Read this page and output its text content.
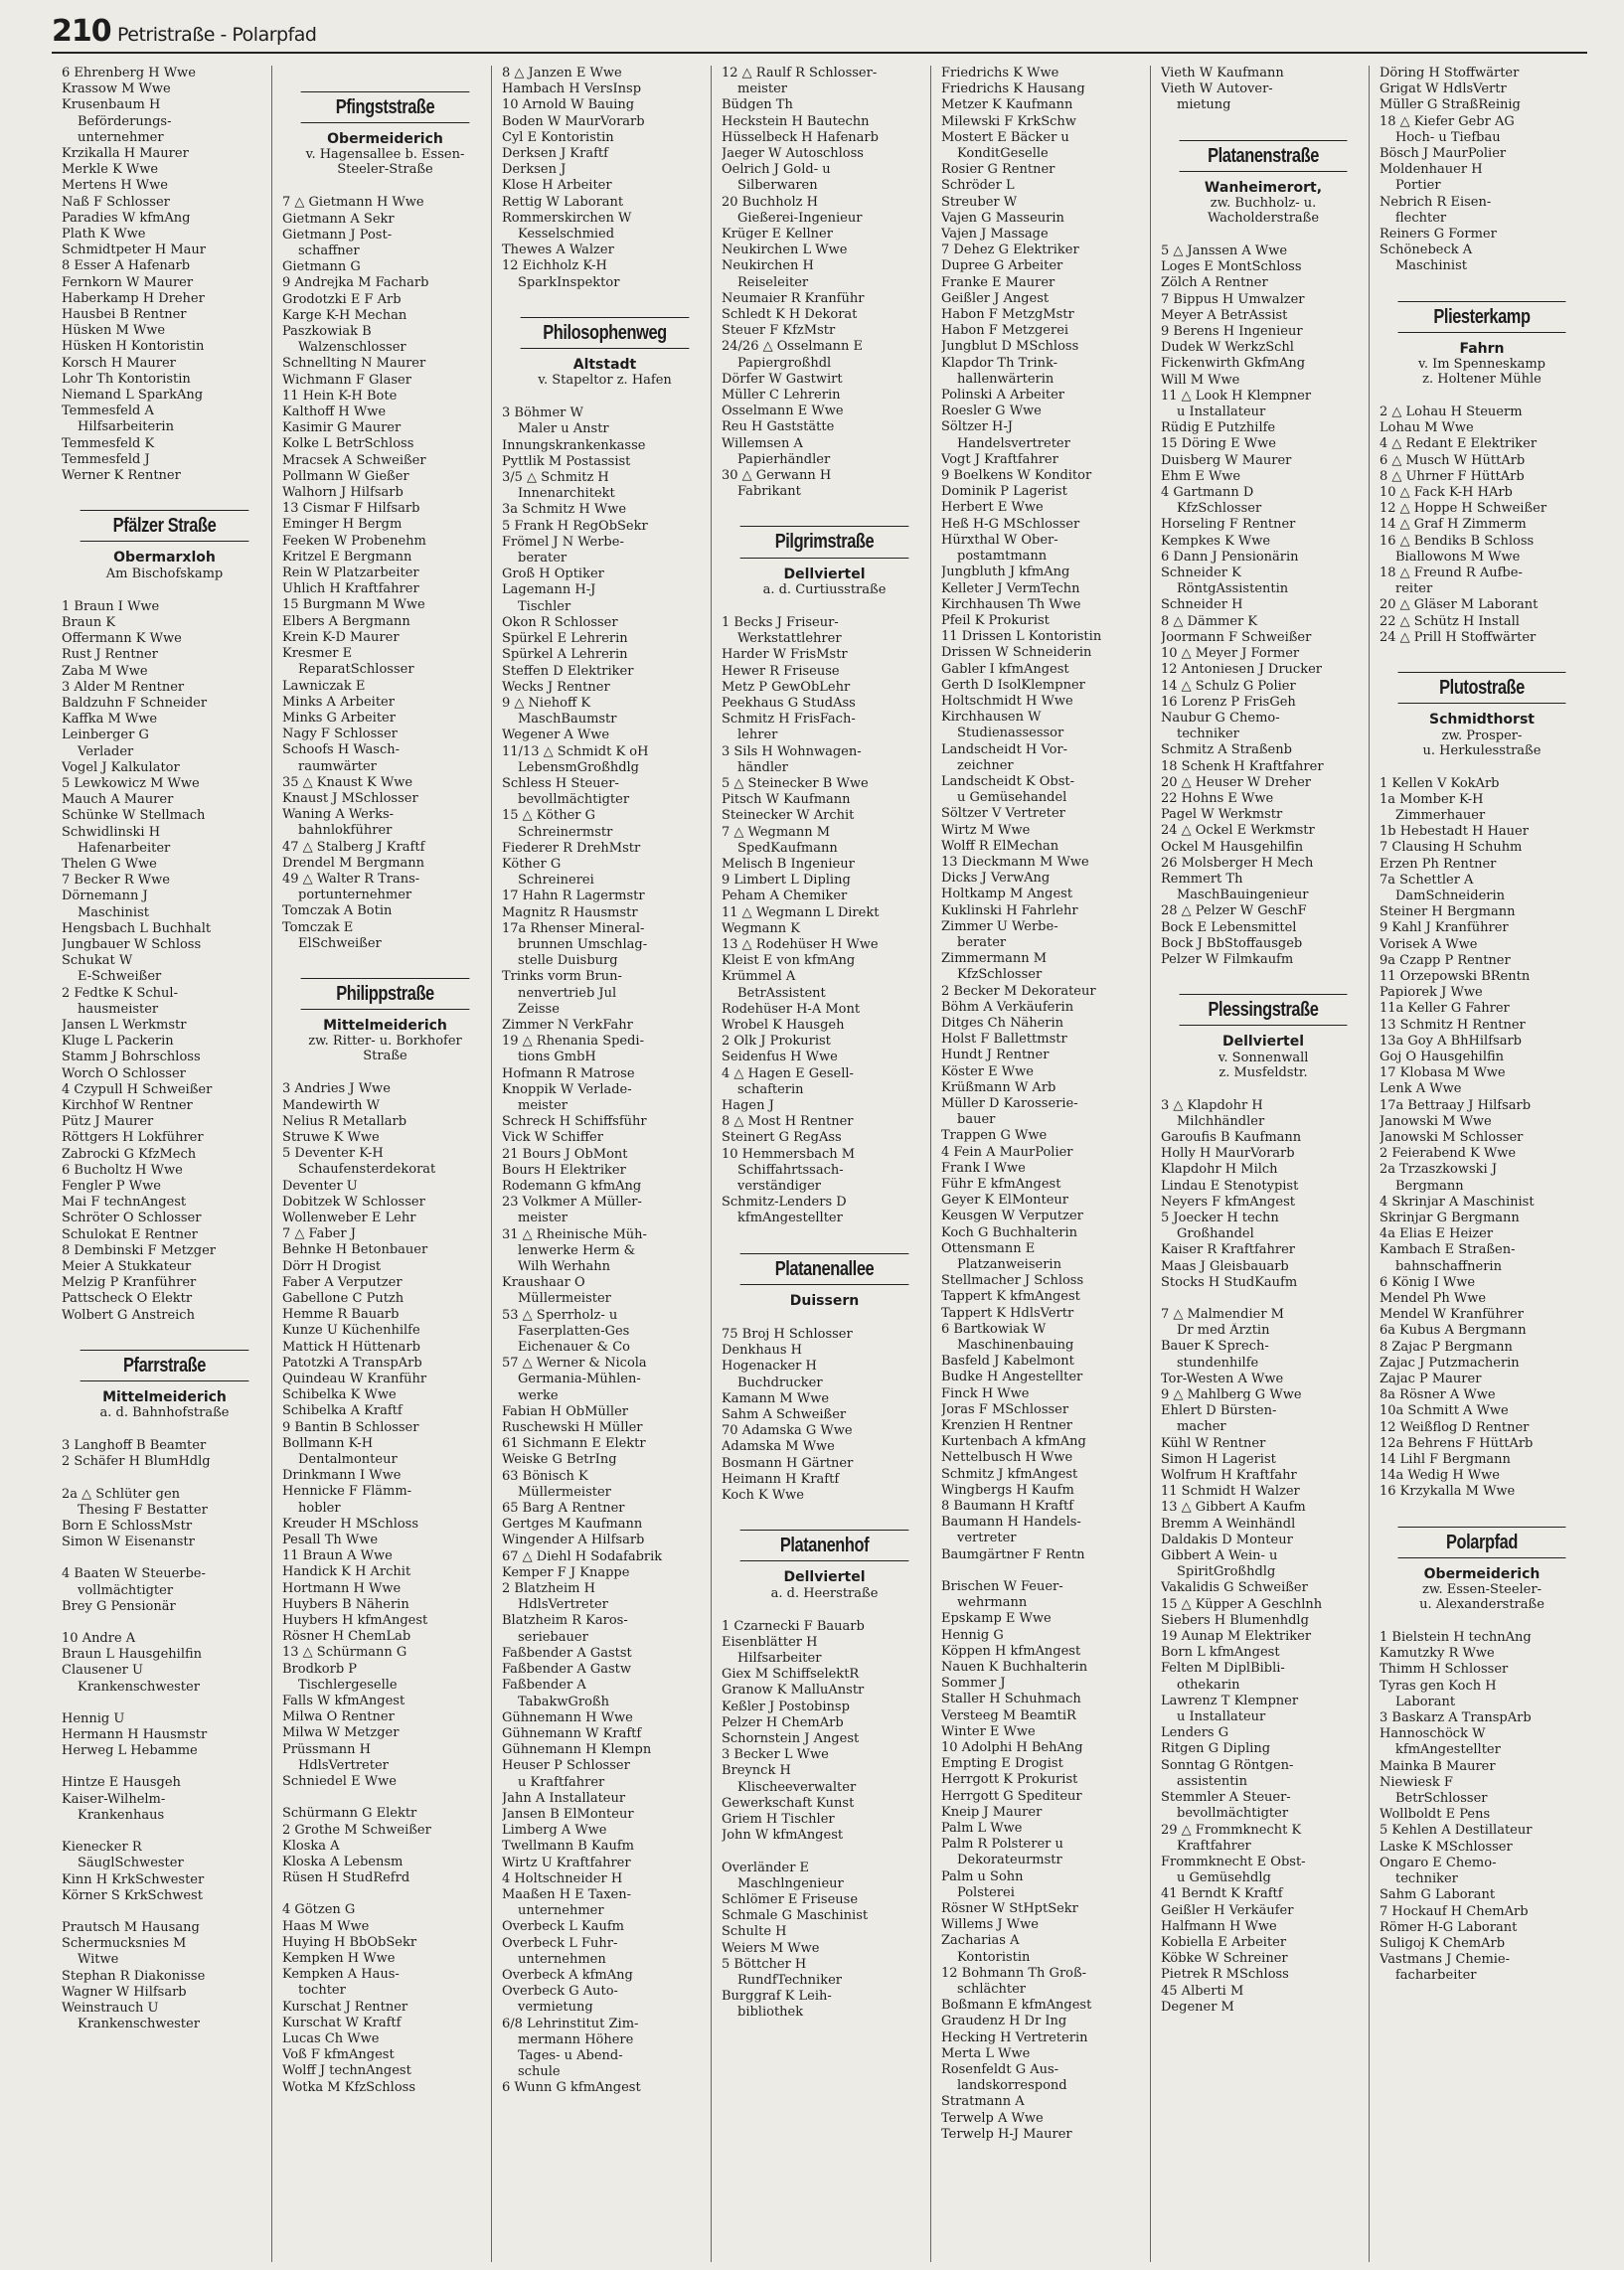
210 Petristraße - Polarpfad
6 Ehrenberg H Wwe
Krassow M Wwe
Krusenbaum H
Beförderungs-
unternehmer
Krzikalla H Maurer
Merkle K Wwe
Mertens H Wwe
Naß F Schlosser
Paradies W kfmAng
Plath K Wwe
Schmidtpeter H Maur
8 Esser A Hafenarb
Fernkorn W Maurer
Haberkamp H Dreher
Hausbei B Rentner
Hüsken M Wwe
Hüsken H Kontoristin
Korsch H Maurer
Lohr Th Kontoristin
Niemand L SparkAng
Temmesfeld A
Hilfsarbeiterin
Temmesfeld K
Temmesfeld J
Werner K Rentner
Pfälzer Straße
Obermarxloh
Am Bischofskamp
1 Braun I Wwe
Braun K
Offermann K Wwe
Rust J Rentner
Zaba M Wwe
3 Alder M Rentner
Baldzuhn F Schneider
Kaffka M Wwe
Leinberger G
Verlader
Vogel J Kalkulator
5 Lewkowicz M Wwe
Mauch A Maurer
Schünke W Stellmach
Schwidlinski H
Hafenarbeiter
Thelen G Wwe
7 Becker R Wwe
Dörnemann J
Maschinist
Hengsbach L Buchhalt
Jungbauer W Schloss
Schukat W
E-Schweißer
2 Fedtke K Schul-
hausmeister
Jansen L Werkmstr
Kluge L Packerin
Stamm J Bohrschloss
Worch O Schlosser
4 Czypull H Schweißer
Kirchhof W Rentner
Pütz J Maurer
Röttgers H Lokführer
Zabrocki G KfzMech
6 Bucholtz H Wwe
Fengler P Wwe
Mai F technAngest
Schröter O Schlosser
Schulokat E Rentner
8 Dembinski F Metzger
Meier A Stukkateur
Melzig P Kranführer
Pattscheck O Elektr
Wolbert G Anstreich
Pfarrstraße
Mittelmeiderich
a. d. Bahnhofstraße
3 Langhoff B Beamter
2 Schäfer H BlumHdlg
2a △ Schlüter gen
Thesing F Bestatter
Born E SchlossMstr
Simon W Eisenanstr
4 Baaten W Steuerbe-
vollmächtigter
Brey G Pensionär
10 Andre A
Braun L Hausgehilfin
Clausener U
Krankenschwester
Hennig U
Hermann H Hausmstr
Herweg L Hebamme
Hintze E Hausgeh
Kaiser-Wilhelm-
Krankenhaus
Kienecker R
SäuglSchwester
Kinn H KrkSchwester
Körner S KrkSchwest
Prautsch M Hausang
Schermucksnies M
Witwe
Stephan R Diakonisse
Wagner W Hilfsarb
Weinstrauch U
Krankenschwester
Pfingststraße
Obermeiderich
v. Hagensallee b. Essen-
Steeler-Straße
7 △ Gietmann H Wwe
Gietmann A Sekr
Gietmann J Post-
schaffner
Gietmann G
9 Andrejka M Facharb
Grodotzki E F Arb
Karge K-H Mechan
Paszkowiak B
Walzenschlosser
Schnellting N Maurer
Wichmann F Glaser
11 Hein K-H Bote
Kalthoff H Wwe
Kasimir G Maurer
Kolke L BetrSchloss
Mracsek A Schweißer
Pollmann W Gießer
Walhorn J Hilfsarb
13 Cismar F Hilfsarb
Eminger H Bergm
Feeken W Probenehm
Kritzel E Bergmann
Rein W Platzarbeiter
Uhlich H Kraftfahrer
15 Burgmann M Wwe
Elbers A Bergmann
Krein K-D Maurer
Kresmer E
ReparatSchlosser
Lawniczak E
Minks A Arbeiter
Minks G Arbeiter
Nagy F Schlosser
Schoofs H Wasch-
raumwärter
35 △ Knaust K Wwe
Knaust J MSchlosser
Waning A Werks-
bahnlokführer
47 △ Stalberg J Kraftf
Drendel M Bergmann
49 △ Walter R Trans-
portunternehmer
Tomczak A Botin
Tomczak E
ElSchweißer
Philippstraße
Mittelmeiderich
zw. Ritter- u. Borkhofer
Straße
3 Andries J Wwe
Mandewirth W
Nelius R Metallarb
Struwe K Wwe
5 Deventer K-H
Schaufensterdekorat
Deventer U
Dobitzek W Schlosser
Wollenweber E Lehr
7 △ Faber J
Behnke H Betonbauer
Dörr H Drogist
Faber A Verputzer
Gabellone C Putzh
Hemme R Bauarb
Kunze U Küchenhilfe
Mattick H Hüttenarb
Patotzki A TranspArb
Quindeau W Kranführ
Schibelka K Wwe
Schibelka A Kraftf
9 Bantin B Schlosser
Bollmann K-H
Dentalmonteur
Drinkmann I Wwe
Hennicke F Flämm-
hobler
Kreuder H MSchloss
Pesall Th Wwe
11 Braun A Wwe
Handick K H Archit
Hortmann H Wwe
Huybers B Näherin
Huybers H kfmAngest
Rösner H ChemLab
13 △ Schürmann G
Brodkorb P
Tischlergeselle
Falls W kfmAngest
Milwa O Rentner
Milwa W Metzger
Prüssmann H
HdlsVertreter
Schniedel E Wwe
Schürmann G Elektr
2 Grothe M Schweißer
Kloska A
Kloska A Lebensm
Rüsen H StudRefrd
4 Götzen G
Haas M Wwe
Huying H BbObSekr
Kempken H Wwe
Kempken A Haus-
tochter
Kurschat J Rentner
Kurschat W Kraftf
Lucas Ch Wwe
Voß F kfmAngest
Wolff J technAngest
Wotka M KfzSchloss
8 △ Janzen E Wwe
Hambach H VersInsp
10 Arnold W Bauing
Boden W MaurVorarb
Cyl E Kontoristin
Derksen J Kraftf
Derksen J
Klose H Arbeiter
Rettig W Laborant
Rommerskirchen W
Kesselschmied
Thewes A Walzer
12 Eichholz K-H
SparkInspektor
Philosophenweg
Altstadt
v. Stapeltor z. Hafen
3 Böhmer W
Maler u Anstr
Innungskrankenkasse
Pyttlik M Postassist
3/5 △ Schmitz H
Innenarchitekt
3a Schmitz H Wwe
5 Frank H RegObSekr
Frömel J N Werbe-
berater
Groß H Optiker
Lagemann H-J
Tischler
Okon R Schlosser
Spürkel E Lehrerin
Spürkel A Lehrerin
Steffen D Elektriker
Wecks J Rentner
9 △ Niehoff K
MaschBaumstr
Wegener A Wwe
11/13 △ Schmidt K oH
LebensmGroßhdlg
Schless H Steuer-
bevollmächtigter
15 △ Köther G
Schreinermstr
Fiederer R DrehMstr
Köther G
Schreinerei
17 Hahn R Lagermstr
Magnitz R Hausmstr
17a Rhenser Mineral-
brunnen Umschlag-
stelle Duisburg
Trinks vorm Brun-
nenvertrieb Jul
Zeisse
Zimmer N VerkFahr
19 △ Rhenania Spedi-
tions GmbH
Hofmann R Matrose
Knoppik W Verlade-
meister
Schreck H Schiffsführ
Vick W Schiffer
21 Bours J ObMont
Bours H Elektriker
Rodemann G kfmAng
23 Volkmer A Müller-
meister
31 △ Rheinische Müh-
lenwerke Herm &
Wilh Werhahn
Kraushaar O
Müllermeister
53 △ Sperrholz- u
Faserplatten-Ges
Eichenauer & Co
57 △ Werner & Nicola
Germania-Mühlen-
werke
Fabian H ObMüller
Ruschewski H Müller
61 Sichmann E Elektr
Weiske G BetrIng
63 Bönisch K
Müllermeister
65 Barg A Rentner
Gertges M Kaufmann
Wingender A Hilfsarb
67 △ Diehl H Sodafabrik
Kemper F J Knappe
2 Blatzheim H
HdlsVertreter
Blatzheim R Karos-
seriebauer
Faßbender A Gastst
Faßbender A Gastw
Faßbender A
TabakwGroßh
Gühnemann H Wwe
Gühnemann W Kraftf
Gühnemann H Klempn
Heuser P Schlosser
u Kraftfahrer
Jahn A Installateur
Jansen B ElMonteur
Limberg A Wwe
Twellmann B Kaufm
Wirtz U Kraftfahrer
4 Holtschneider H
Maaßen H E Taxen-
unternehmer
Overbeck L Kaufm
Overbeck L Fuhr-
unternehmen
Overbeck A kfmAng
Overbeck G Auto-
vermietung
6/8 Lehrinstitut Zim-
mermann Höhere
Tages- u Abend-
schule
6 Wunn G kfmAngest
12 △ Raulf R Schlosser-
meister
Büdgen Th
Heckstein H Bautechn
Hüsselbeck H Hafenarb
Jaeger W Autoschloss
Oelrich J Gold- u
Silberwaren
20 Buchholz H
Gießerei-Ingenieur
Krüger E Kellner
Neukirchen L Wwe
Neukirchen H
Reiseleiter
Neumaier R Kranführ
Schledt K H Dekorat
Steuer F KfzMstr
24/26 △ Osselmann E
Papiergroßhdl
Dörfer W Gastwirt
Müller C Lehrerin
Osselmann E Wwe
Reu H Gaststätte
Willemsen A
Papierhändler
30 △ Gerwann H
Fabrikant
Pilgrimstraße
Dellviertel
a. d. Curtiusstraße
1 Becks J Friseur-
Werkstattlehrer
Harder W FrisMstr
Hewer R Friseuse
Metz P GewObLehr
Peekhaus G StudAss
Schmitz H FrisFach-
lehrer
3 Sils H Wohnwagen-
händler
5 △ Steinecker B Wwe
Pitsch W Kaufmann
Steinecker W Archit
7 △ Wegmann M
SpedKaufmann
Melisch B Ingenieur
9 Limbert L Dipling
Peham A Chemiker
11 △ Wegmann L Direkt
Wegmann K
13 △ Rodehüser H Wwe
Kleist E von kfmAng
Krümmel A
BetrAssistent
Rodehüser H-A Mont
Wrobel K Hausgeh
2 Olk J Prokurist
Seidenfus H Wwe
4 △ Hagen E Gesell-
schafterin
Hagen J
8 △ Most H Rentner
Steinert G RegAss
10 Hemmersbach M
Schiffahrtssach-
verständiger
Schmitz-Lenders D
kfmAngestellter
Platanenallee
Duissern
75 Broj H Schlosser
Denkhaus H
Hogenacker H
Buchdrucker
Kamann M Wwe
Sahm A Schweißer
70 Adamska G Wwe
Adamska M Wwe
Bosmann H Gärtner
Heimann H Kraftf
Koch K Wwe
Platanenhof
Dellviertel
a. d. Heerstraße
1 Czarnecki F Bauarb
Eisenblätter H
Hilfsarbeiter
Giex M SchiffselektR
Granow K MalluAnstr
Keßler J Postobinsp
Pelzer H ChemArb
Schornstein J Angest
3 Becker L Wwe
Breynck H
Klischeeverwalter
Gewerkschaft Kunst
Griem H Tischler
John W kfmAngest
Overländer E
Maschlngenieur
Schlömer E Friseuse
Schmale G Maschinist
Schulte H
Weiers M Wwe
5 Böttcher H
RundfTechniker
Burggraf K Leih-
bibliothek
Friedrichs K Wwe
Friedrichs K Hausang
Metzer K Kaufmann
Milewski F KrkSchw
Mostert E Bäcker u
KonditGeselle
Rosier G Rentner
Schröder L
Streuber W
Vajen G Masseurin
Vajen J Massage
7 Dehez G Elektriker
Dupree G Arbeiter
Franke E Maurer
Geißler J Angest
Habon F MetzgMstr
Habon F Metzgerei
Jungblut D MSchloss
Klapdor Th Trink-
hallenwärterin
Polinski A Arbeiter
Roesler G Wwe
Söltzer H-J
Handelsvertreter
Vogt J Kraftfahrer
9 Boelkens W Konditor
Dominik P Lagerist
Herbert E Wwe
Heß H-G MSchlosser
Hürxthal W Ober-
postamtmann
Jungbluth J kfmAng
Kelleter J VermTechn
Kirchhausen Th Wwe
Pfeil K Prokurist
11 Drissen L Kontoristin
Drissen W Schneiderin
Gabler I kfmAngest
Gerth D IsolKlempner
Holtschmidt H Wwe
Kirchhausen W
Studienassessor
Landscheidt H Vor-
zeichner
Landscheidt K Obst-
u Gemüsehandel
Söltzer V Vertreter
Wirtz M Wwe
Wolff R ElMechan
13 Dieckmann M Wwe
Dicks J VerwAng
Holtkamp M Angest
Kuklinski H Fahrlehr
Zimmer U Werbe-
berater
Zimmermann M
KfzSchlosser
2 Becker M Dekorateur
Böhm A Verkäuferin
Ditges Ch Näherin
Holst F Ballettmstr
Hundt J Rentner
Köster E Wwe
Krüßmann W Arb
Müller D Karosserie-
bauer
Trappen G Wwe
4 Fein A MaurPolier
Frank I Wwe
Führ E kfmAngest
Geyer K ElMonteur
Keusgen W Verputzer
Koch G Buchhalterin
Ottensmann E
Platzanweiserin
Stellmacher J Schloss
Tappert K kfmAngest
Tappert K HdlsVertr
6 Bartkowiak W
Maschinenbauing
Basfeld J Kabelmont
Budke H Angestellter
Finck H Wwe
Joras F MSchlosser
Krenzien H Rentner
Kurtenbach A kfmAng
Nettelbusch H Wwe
Schmitz J kfmAngest
Wingbergs H Kaufm
8 Baumann H Kraftf
Baumann H Handels-
vertreter
Baumgärtner F Rentn
Brischen W Feuer-
wehrmann
Epskamp E Wwe
Hennig G
Köppen H kfmAngest
Nauen K Buchhalterin
Sommer J
Staller H Schuhmach
Versteeg M BeamtiR
Winter E Wwe
10 Adolphi H BehAng
Empting E Drogist
Herrgott K Prokurist
Herrgott G Spediteur
Kneip J Maurer
Palm L Wwe
Palm R Polsterer u
Dekorateurmstr
Palm u Sohn
Polsterei
Rösner W StHptSekr
Willems J Wwe
Zacharias A
Kontoristin
12 Bohmann Th Groß-
schlächter
Boßmann E kfmAngest
Graudenz H Dr Ing
Hecking H Vertreterin
Merta L Wwe
Rosenfeldt G Aus-
landskorrespond
Stratmann A
Terwelp A Wwe
Terwelp H-J Maurer
Vieth W Kaufmann
Vieth W Autover-
mietung
Platanenstraße
Wanheimerort,
zw. Buchholz- u.
Wacholderstraße
5 △ Janssen A Wwe
Loges E MontSchloss
Zölch A Rentner
7 Bippus H Umwalzer
Meyer A BetrAssist
9 Berens H Ingenieur
Dudek W WerkzSchl
Fickenwirth GkfmAng
Will M Wwe
11 △ Look H Klempner
u Installateur
Rüdig E Putzhilfe
15 Döring E Wwe
Duisberg W Maurer
Ehm E Wwe
4 Gartmann D
KfzSchlosser
Horseling F Rentner
Kempkes K Wwe
6 Dann J Pensionärin
Schneider K
RöntgAssistentin
Schneider H
8 △ Dämmer K
Joormann F Schweißer
10 △ Meyer J Former
12 Antoniesen J Drucker
14 △ Schulz G Polier
16 Lorenz P FrisGeh
Naubur G Chemo-
techniker
Schmitz A Straßenb
18 Schenk H Kraftfahrer
20 △ Heuser W Dreher
22 Hohns E Wwe
Pagel W Werkmstr
24 △ Ockel E Werkmstr
Ockel M Hausgehilfin
26 Molsberger H Mech
Remmert Th
MaschBauingenieur
28 △ Pelzer W GeschF
Bock E Lebensmittel
Bock J BbStoffausgeb
Pelzer W Filmkaufm
Plessingstraße
Dellviertel
v. Sonnenwall
z. Musfeldstr.
3 △ Klapdohr H
Milchhändler
Garoufis B Kaufmann
Holly H MaurVorarb
Klapdohr H Milch
Lindau E Stenotypist
Neyers F kfmAngest
5 Joecker H techn
Großhandel
Kaiser R Kraftfahrer
Maas J Gleisbauarb
Stocks H StudKaufm
7 △ Malmendier M
Dr med Ärztin
Bauer K Sprech-
stundenhilfe
Tor-Westen A Wwe
9 △ Mahlberg G Wwe
Ehlert D Bürsten-
macher
Kühl W Rentner
Simon H Lagerist
Wolfrum H Kraftfahr
11 Schmidt H Walzer
13 △ Gibbert A Kaufm
Bremm A Weinhändl
Daldakis D Monteur
Gibbert A Wein- u
SpiritGroßhdlg
Vakalidis G Schweißer
15 △ Küpper A Geschlnh
Siebers H Blumenhdlg
19 Aunap M Elektriker
Born L kfmAngest
Felten M DiplBibli-
othekarin
Lawrenz T Klempner
u Installateur
Lenders G
Ritgen G Dipling
Sonntag G Röntgen-
assistentin
Stemmler A Steuer-
bevollmächtigter
29 △ Frommknecht K
Kraftfahrer
Frommknecht E Obst-
u Gemüsehdlg
41 Berndt K Kraftf
Geißler H Verkäufer
Halfmann H Wwe
Kobiella E Arbeiter
Köbke W Schreiner
Pietrek R MSchloss
45 Alberti M
Degener M
Döring H Stoffwärter
Grigat W HdlsVertr
Müller G StraßReinig
18 △ Kiefer Gebr AG
Hoch- u Tiefbau
Bösch J MaurPolier
Moldenhauer H
Portier
Nebrich R Eisen-
flechter
Reiners G Former
Schönebeck A
Maschinist
Pliesterkamp
Fahrn
v. Im Spenneskamp
z. Holtener Mühle
2 △ Lohau H Steuerm
Lohau M Wwe
4 △ Redant E Elektriker
6 △ Musch W HüttArb
8 △ Uhrner F HüttArb
10 △ Fack K-H HArb
12 △ Hoppe H Schweißer
14 △ Graf H Zimmerm
16 △ Bendiks B Schloss
Biallowons M Wwe
18 △ Freund R Aufbe-
reiter
20 △ Gläser M Laborant
22 △ Schütz H Install
24 △ Prill H Stoffwärter
Plutostraße
Schmidthorst
zw. Prosper-
u. Herkulesstraße
1 Kellen V KokArb
1a Momber K-H
Zimmerhauer
1b Hebestadt H Hauer
7 Clausing H Schuhm
Erzen Ph Rentner
7a Schettler A
DamSchneiderin
Steiner H Bergmann
9 Kahl J Kranführer
Vorisek A Wwe
9a Czapp P Rentner
11 Orzepowski BRentn
Papiorek J Wwe
11a Keller G Fahrer
13 Schmitz H Rentner
13a Goy A BhHilfsarb
Goj O Hausgehilfin
17 Klobasa M Wwe
Lenk A Wwe
17a Bettraay J Hilfsarb
Janowski M Wwe
Janowski M Schlosser
2 Feierabend K Wwe
2a Trzaszkowski J
Bergmann
4 Skrinjar A Maschinist
Skrinjar G Bergmann
4a Elias E Heizer
Kambach E Straßen-
bahnschaffnerin
6 König I Wwe
Mendel Ph Wwe
Mendel W Kranführer
6a Kubus A Bergmann
8 Zajac P Bergmann
Zajac J Putzmacherin
Zajac P Maurer
8a Rösner A Wwe
10a Schmitt A Wwe
12 Weißflog D Rentner
12a Behrens F HüttArb
14 Lihl F Bergmann
14a Wedig H Wwe
16 Krzykalla M Wwe
Polarpfad
Obermeiderich
zw. Essen-Steeler-
u. Alexanderstraße
1 Bielstein H technAng
Kamutzky R Wwe
Thimm H Schlosser
Tyras gen Koch H
Laborant
3 Baskarz A TranspArb
Hannoschöck W
kfmAngestellter
Mainka B Maurer
Niewiesk F
BetrSchlosser
Wollboldt E Pens
5 Kehlen A Destillateur
Laske K MSchlosser
Ongaro E Chemo-
techniker
Sahm G Laborant
7 Hockauf H ChemArb
Römer H-G Laborant
Suligoj K ChemArb
Vastmans J Chemie-
facharbeiter
